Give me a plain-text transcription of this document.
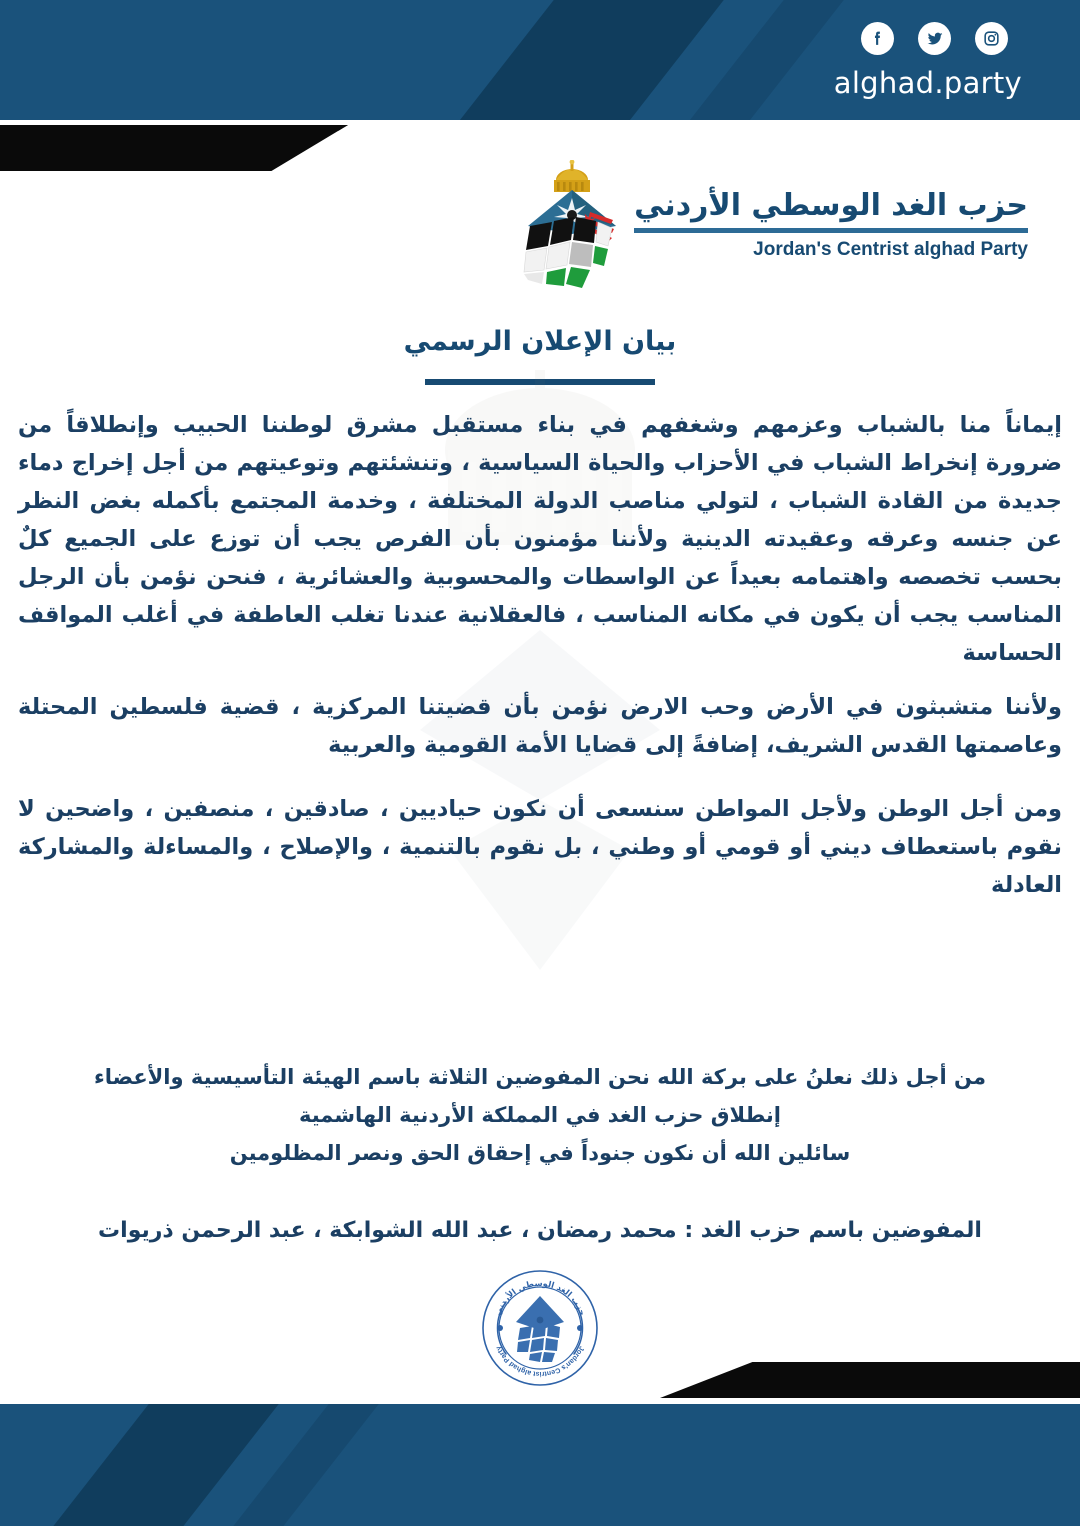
حزب الغد الوسطي الأردني
Jordan's Centrist alghad Party
بيان الإعلان الرسمي

إيماناً منا بالشباب وعزمهم وشغفهم في بناء مستقبل مشرق لوطننا الحبيب وإنطلاقاً من ضرورة إنخراط الشباب في الأحزاب والحياة السياسية ، وتنشئتهم وتوعيتهم من أجل إخراج دماء جديدة من القادة الشباب ، لتولي مناصب الدولة المختلفة ، وخدمة المجتمع بأكمله بغض النظر عن جنسه وعرقه وعقيدته الدينية ولأننا مؤمنون بأن الفرص يجب أن توزع على الجميع كلٌ بحسب تخصصه واهتمامه بعيداً عن الواسطات والمحسوبية والعشائرية ، فنحن نؤمن بأن الرجل المناسب يجب أن يكون في مكانه المناسب ، فالعقلانية عندنا تغلب العاطفة في أغلب المواقف الحساسة

ولأننا متشبثون في الأرض وحب الارض نؤمن بأن قضيتنا المركزية ، قضية فلسطين المحتلة وعاصمتها القدس الشريف، إضافةً إلى قضايا الأمة القومية والعربية

ومن أجل الوطن ولأجل المواطن سنسعى أن نكون حياديين ، صادقين ، منصفين ، واضحين لا نقوم باستعطاف ديني أو قومي أو وطني ، بل نقوم بالتنمية ، والإصلاح ، والمساءلة والمشاركة العادلة

من أجل ذلك نعلنُ على بركة الله نحن المفوضين الثلاثة باسم الهيئة التأسيسية والأعضاء
إنطلاق حزب الغد في المملكة الأردنية الهاشمية
سائلين الله أن نكون جنوداً في إحقاق الحق ونصر المظلومين
المفوضين باسم حزب الغد : محمد رمضان ، عبد الله الشوابكة ، عبد الرحمن ذريوات
حزب الغد الوسطي الأردني
Jordan's Centrist alghad Party
alghad.party
